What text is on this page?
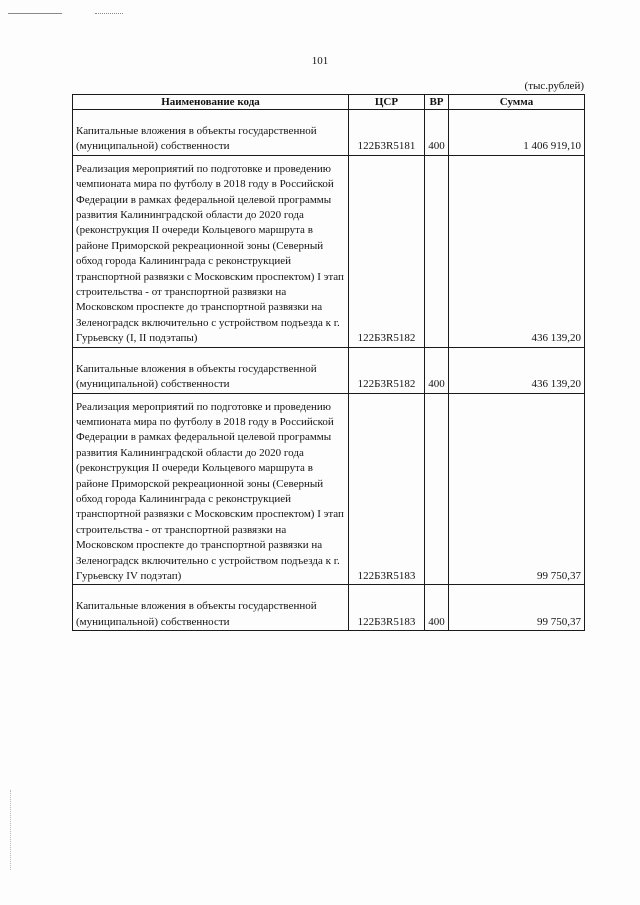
101
(тыс.рублей)
Наименование кода	ЦСР	ВР	Сумма

Капитальные вложения в объекты государственной (муниципальной) собственности	122Б3R5181	400	1 406 919,10

Реализация мероприятий по подготовке и проведению чемпионата мира по футболу в 2018 году в Российской Федерации в рамках федеральной целевой программы развития Калининградской области до 2020 года (реконструкция II очереди Кольцевого маршрута в районе Приморской рекреационной зоны (Северный обход города Калининграда с реконструкцией транспортной развязки с Московским проспектом) I этап строительства - от транспортной развязки на Московском проспекте до транспортной развязки на Зеленоградск включительно с устройством подъезда к г. Гурьевску (I, II подэтапы)	122Б3R5182		436 139,20

Капитальные вложения в объекты государственной (муниципальной) собственности	122Б3R5182	400	436 139,20

Реализация мероприятий по подготовке и проведению чемпионата мира по футболу в 2018 году в Российской Федерации в рамках федеральной целевой программы развития Калининградской области до 2020 года (реконструкция II очереди Кольцевого маршрута в районе Приморской рекреационной зоны (Северный обход города Калининграда с реконструкцией транспортной развязки с Московским проспектом) I этап строительства - от транспортной развязки на Московском проспекте до транспортной развязки на Зеленоградск включительно с устройством подъезда к г. Гурьевску IV подэтап)	122Б3R5183		99 750,37

Капитальные вложения в объекты государственной (муниципальной) собственности	122Б3R5183	400	99 750,37
